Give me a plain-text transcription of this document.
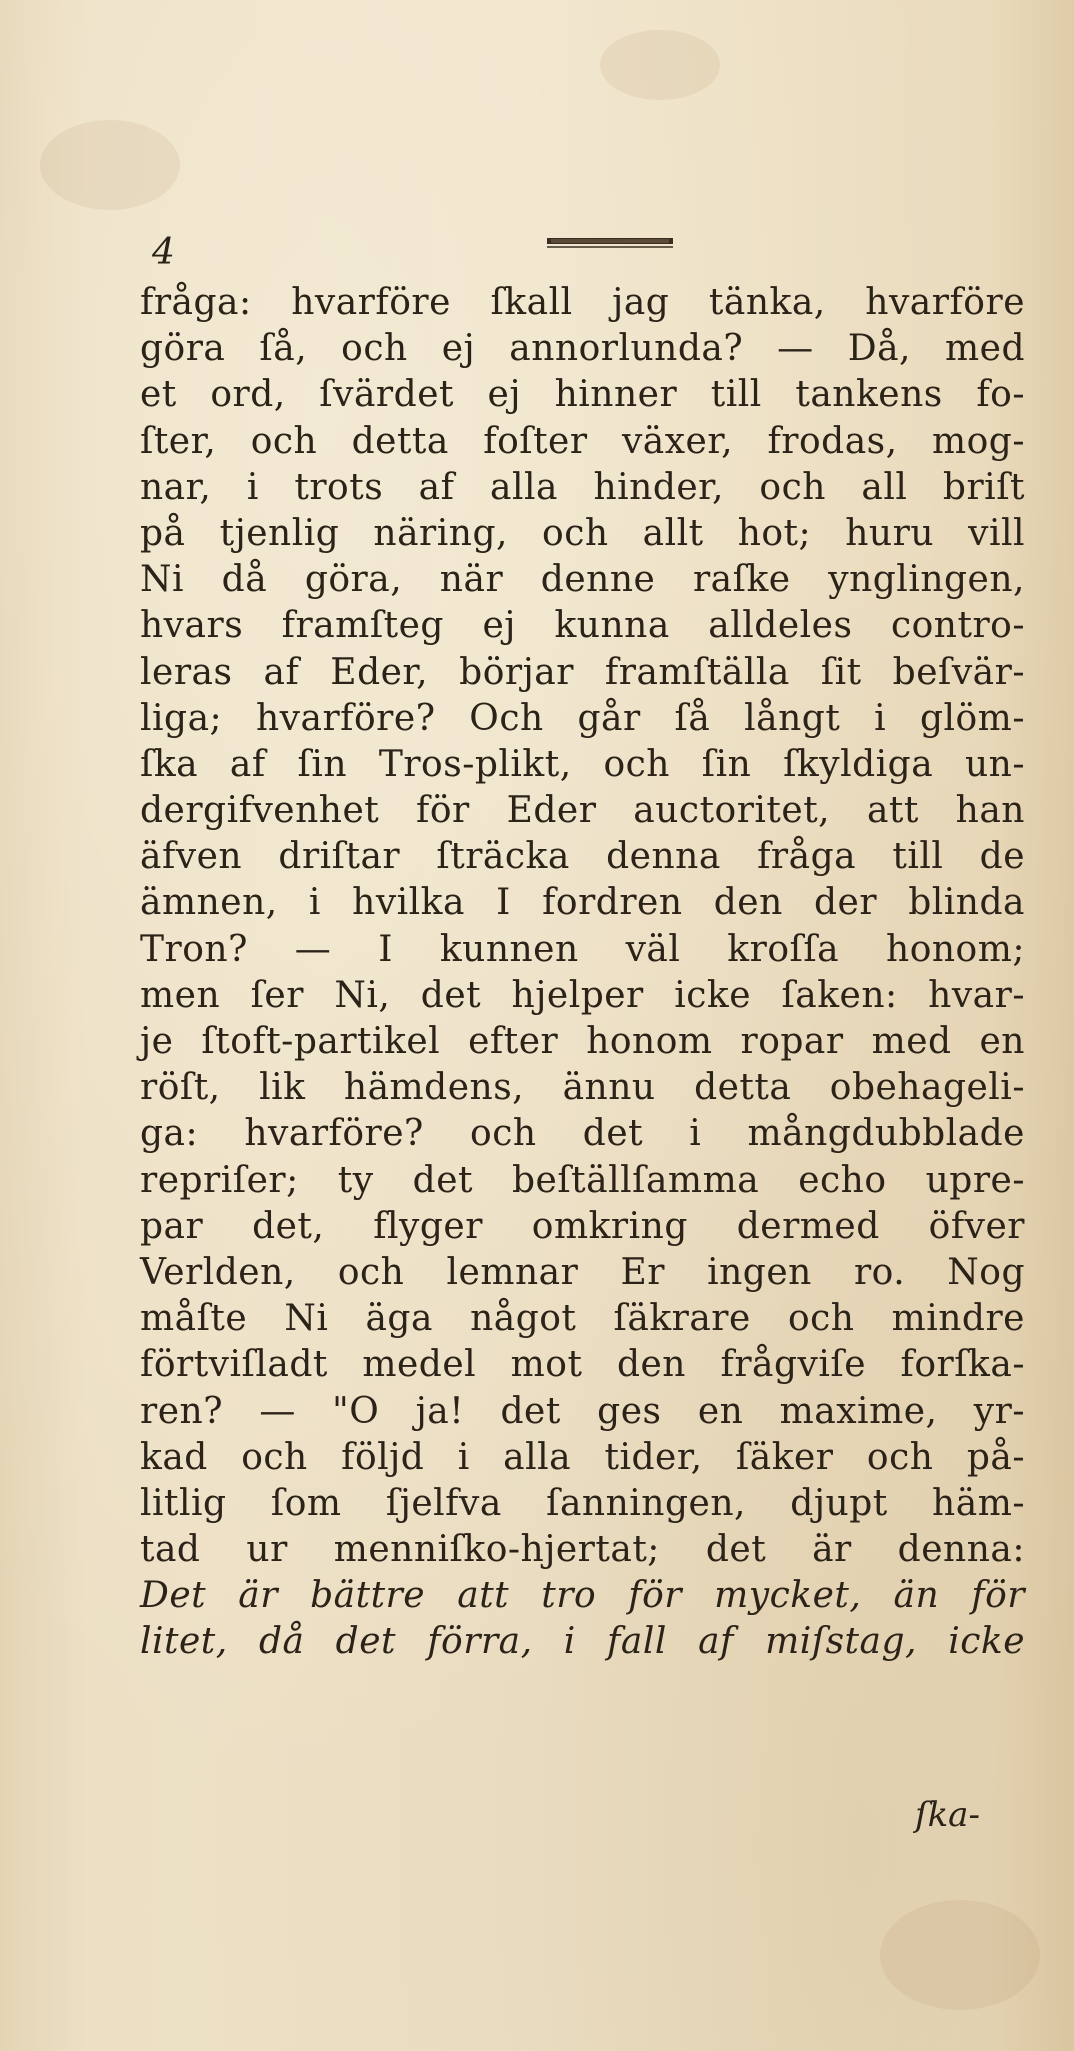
4
fråga: hvarföre ſkall jag tänka, hvarföre
göra ſå, och ej annorlunda? — Då, med
et ord, ſvärdet ej hinner till tankens fo-
ſter, och detta foſter växer, frodas, mog-
nar, i trots af alla hinder, och all briſt
på tjenlig näring, och allt hot; huru vill
Ni då göra, när denne raſke ynglingen,
hvars framſteg ej kunna alldeles contro-
leras af Eder, börjar framſtälla ſit beſvär-
liga; hvarföre? Och går ſå långt i glöm-
ſka af ſin Tros-plikt, och ſin ſkyldiga un-
dergifvenhet för Eder auctoritet, att han
äfven driſtar ſträcka denna fråga till de
ämnen, i hvilka I fordren den der blinda
Tron? — I kunnen väl kroſſa honom;
men ſer Ni, det hjelper icke ſaken: hvar-
je ſtoft-partikel efter honom ropar med en
röſt, lik hämdens, ännu detta obehageli-
ga: hvarföre? och det i mångdubblade
repriſer; ty det beſtällſamma echo upre-
par det, flyger omkring dermed öfver
Verlden, och lemnar Er ingen ro. Nog
måſte Ni äga något ſäkrare och mindre
förtviſladt medel mot den frågviſe forſka-
ren? — "O ja! det ges en maxime, yr-
kad och följd i alla tider, ſäker och på-
litlig ſom ſjelfva ſanningen, djupt häm-
tad ur menniſko-hjertat; det är denna:
Det är bättre att tro för mycket, än för
litet, då det förra, i fall af miſstag, icke
ſka-
